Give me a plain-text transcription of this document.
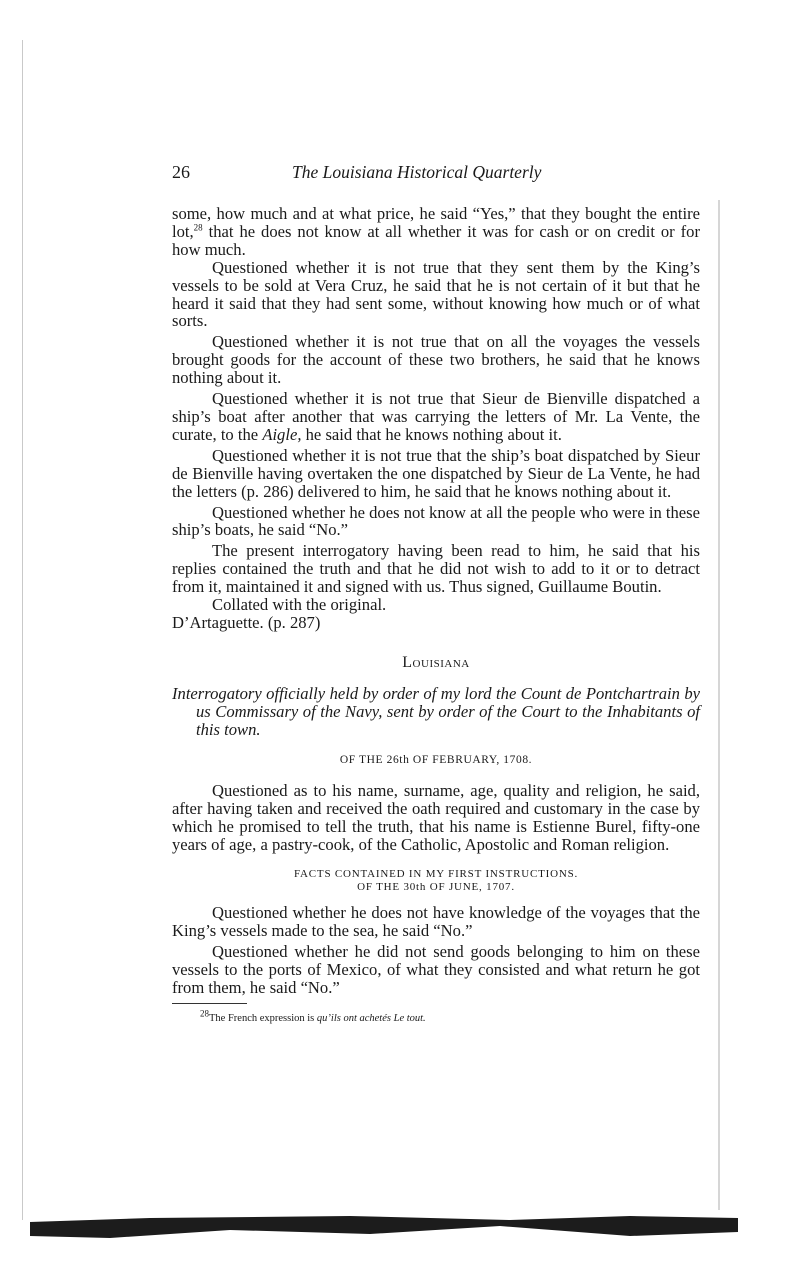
26	The Louisiana Historical Quarterly

some, how much and at what price, he said “Yes,” that they bought the entire lot,$^{28}$ that he does not know at all whether it was for cash or on credit or for how much.

Questioned whether it is not true that they sent them by the King’s vessels to be sold at Vera Cruz, he said that he is not certain of it but that he heard it said that they had sent some, without knowing how much or of what sorts.

Questioned whether it is not true that on all the voyages the vessels brought goods for the account of these two brothers, he said that he knows nothing about it.

Questioned whether it is not true that Sieur de Bienville dispatched a ship’s boat after another that was carrying the letters of Mr. La Vente, the curate, to the Aigle, he said that he knows nothing about it.

Questioned whether it is not true that the ship’s boat dispatched by Sieur de Bienville having overtaken the one dispatched by Sieur de La Vente, he had the letters (p. 286) delivered to him, he said that he knows nothing about it.

Questioned whether he does not know at all the people who were in these ship’s boats, he said “No.”

The present interrogatory having been read to him, he said that his replies contained the truth and that he did not wish to add to it or to detract from it, maintained it and signed with us. Thus signed, Guillaume Boutin.

Collated with the original.

D’Artaguette. (p. 287)

Louisiana

Interrogatory officially held by order of my lord the Count de Pontchartrain by us Commissary of the Navy, sent by order of the Court to the Inhabitants of this town.

OF THE 26th OF FEBRUARY, 1708.

Questioned as to his name, surname, age, quality and religion, he said, after having taken and received the oath required and customary in the case by which he promised to tell the truth, that his name is Estienne Burel, fifty-one years of age, a pastry-cook, of the Catholic, Apostolic and Roman religion.

FACTS CONTAINED IN MY FIRST INSTRUCTIONS.
OF THE 30th OF JUNE, 1707.

Questioned whether he does not have knowledge of the voyages that the King’s vessels made to the sea, he said “No.”

Questioned whether he did not send goods belonging to him on these vessels to the ports of Mexico, of what they consisted and what return he got from them, he said “No.”

$^{28}$The French expression is qu’ils ont achetés Le tout.
